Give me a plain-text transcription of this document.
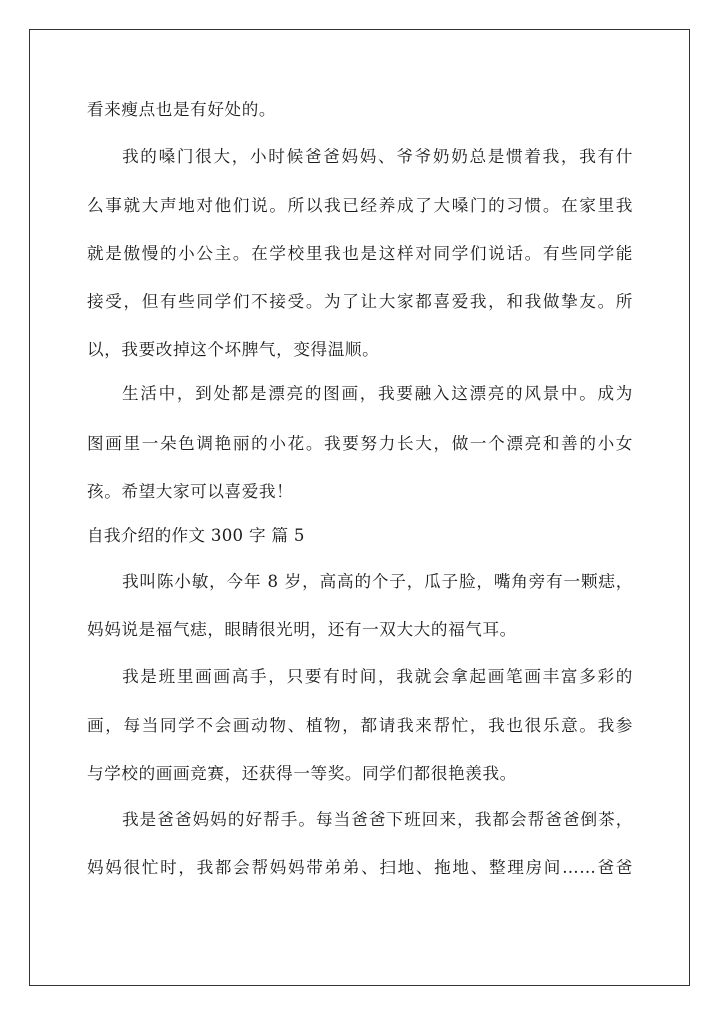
看来瘦点也是有好处的。
我的嗓门很大，小时候爸爸妈妈、爷爷奶奶总是惯着我，我有什
么事就大声地对他们说。所以我已经养成了大嗓门的习惯。在家里我
就是傲慢的小公主。在学校里我也是这样对同学们说话。有些同学能
接受，但有些同学们不接受。为了让大家都喜爱我，和我做挚友。所
以，我要改掉这个坏脾气，变得温顺。
生活中，到处都是漂亮的图画，我要融入这漂亮的风景中。成为
图画里一朵色调艳丽的小花。我要努力长大，做一个漂亮和善的小女
孩。希望大家可以喜爱我！
自我介绍的作文 300 字 篇 5
我叫陈小敏，今年 8 岁，高高的个子，瓜子脸，嘴角旁有一颗痣，
妈妈说是福气痣，眼睛很光明，还有一双大大的福气耳。
我是班里画画高手，只要有时间，我就会拿起画笔画丰富多彩的
画，每当同学不会画动物、植物，都请我来帮忙，我也很乐意。我参
与学校的画画竞赛，还获得一等奖。同学们都很艳羡我。
我是爸爸妈妈的好帮手。每当爸爸下班回来，我都会帮爸爸倒茶，
妈妈很忙时，我都会帮妈妈带弟弟、扫地、拖地、整理房间……爸爸
